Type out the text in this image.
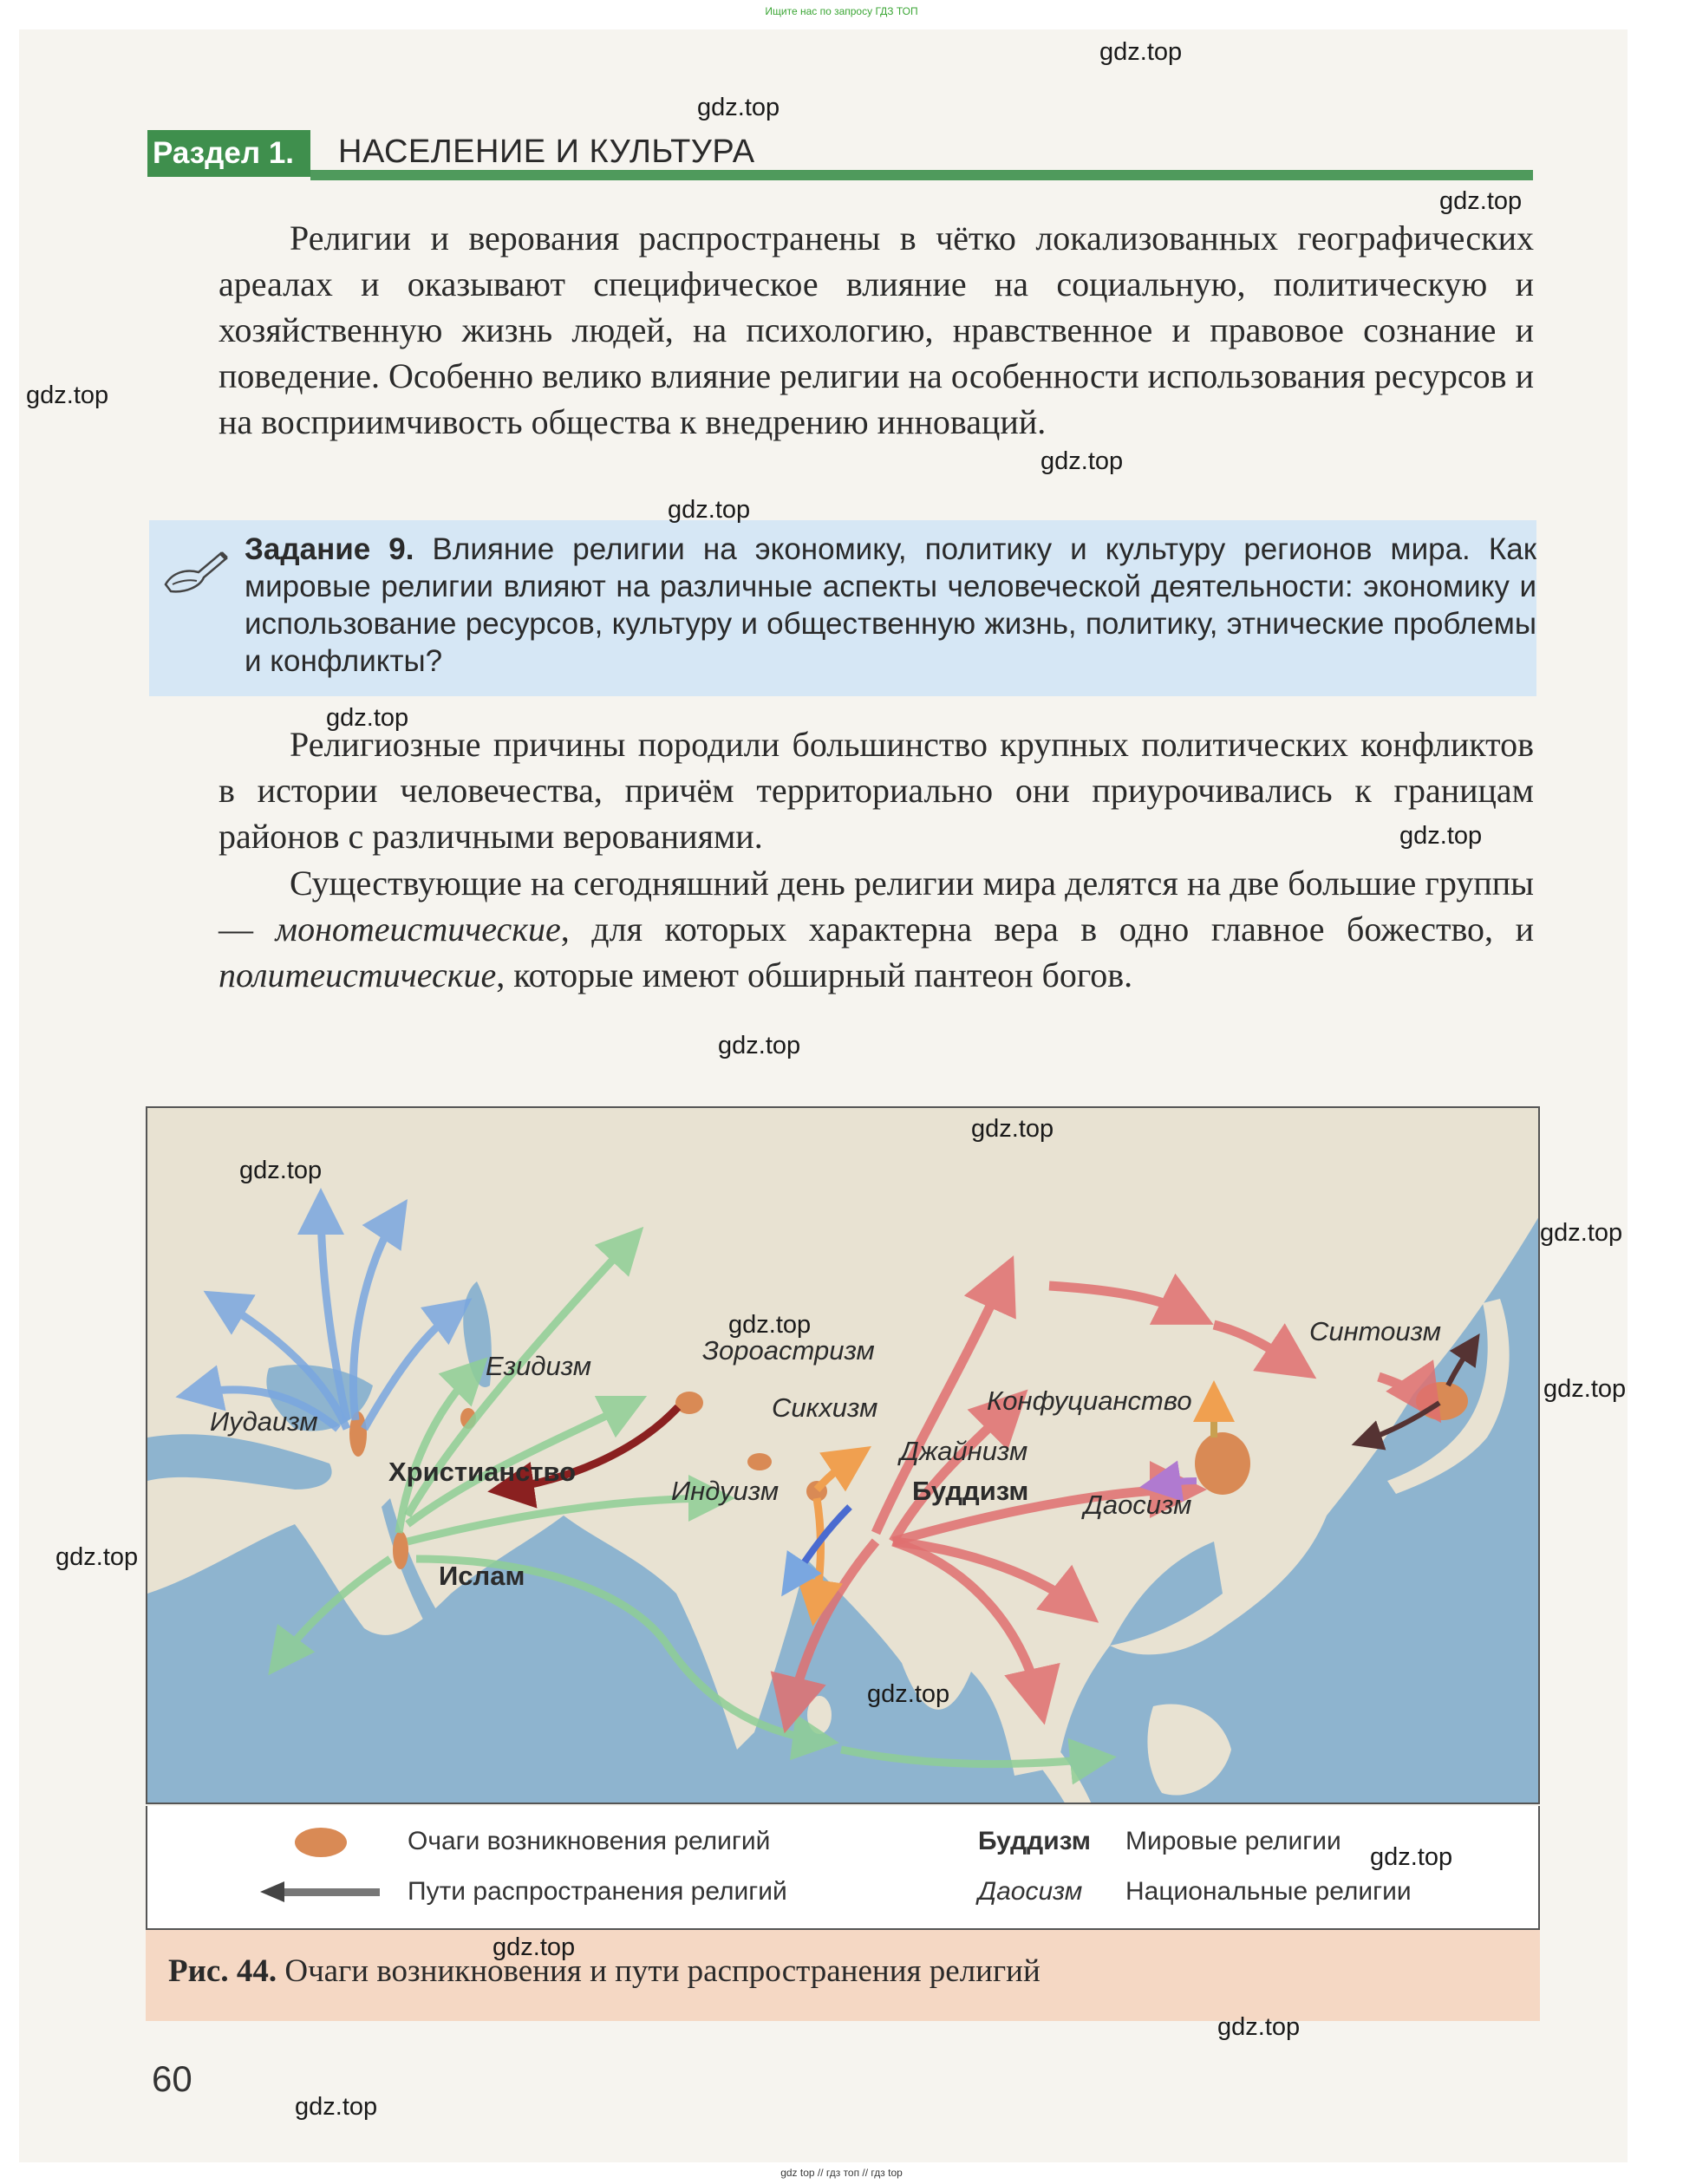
Ищите нас по запросу ГДЗ ТОП
Раздел 1.	НАСЕЛЕНИЕ И КУЛЬТУРА
Религии и верования распространены в чётко локализованных географических ареалах и оказывают специфическое влияние на социальную, политическую и хозяйственную жизнь людей, на психологию, нравственное и правовое сознание и поведение. Особенно велико влияние религии на особенности использования ресурсов и на восприимчивость общества к внедрению инноваций.
Задание 9. Влияние религии на экономику, политику и культуру регионов мира. Как мировые религии влияют на различные аспекты человеческой деятельности: экономику и использование ресурсов, культуру и общественную жизнь, политику, этнические проблемы и конфликты?
Религиозные причины породили большинство крупных политических конфликтов в истории человечества, причём территориально они приурочивались к границам районов с различными верованиями.
Существующие на сегодняшний день религии мира делятся на две большие группы — монотеистические, для которых характерна вера в одно главное божество, и политеистические, которые имеют обширный пантеон богов.
Езидизм
Зороастризм
Сикхизм
Иудаизм
Джайнизм
Индуизм
Конфуцианство
Синтоизм
Даосизм
Христианство
Ислам
Буддизм
Очаги возникновения религий
Пути распространения религий
Буддизм Мировые религии
Даосизм Национальные религии
Рис. 44. Очаги возникновения и пути распространения религий
60
gdz.top
gdz.top
gdz.top
gdz.top
gdz.top
gdz.top
gdz.top
gdz.top
gdz.top
gdz.top
gdz.top
gdz.top
gdz.top
gdz.top
gdz.top
gdz.top
gdz.top
gdz.top
gdz.top
gdz.top
gdz top // гдз топ // гдз top
